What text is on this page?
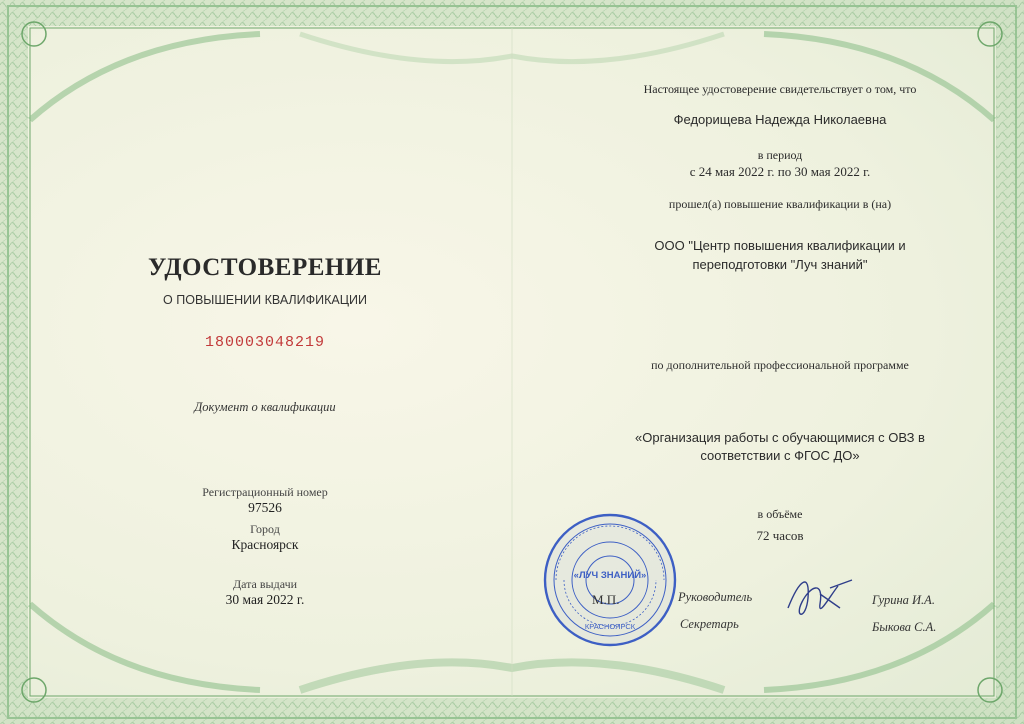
УДОСТОВЕРЕНИЕ
О ПОВЫШЕНИИ КВАЛИФИКАЦИИ
180003048219
Документ о квалификации
Регистрационный номер
97526
Город
Красноярск
Дата выдачи
30 мая 2022 г.
Настоящее удостоверение свидетельствует о том, что
Федорищева Надежда Николаевна
в период
с 24 мая 2022 г. по 30 мая 2022 г.
прошел(а) повышение квалификации в (на)
ООО "Центр повышения квалификации и
переподготовки "Луч знаний"
по дополнительной профессиональной программе
«Организация работы с обучающимися с ОВЗ в
соответствии с ФГОС ДО»
в объёме
72 часов
Руководитель	Гурина И.А.
Секретарь	Быкова С.А.
«ЛУЧ ЗНАНИЙ»
КРАСНОЯРСК
М.П.
